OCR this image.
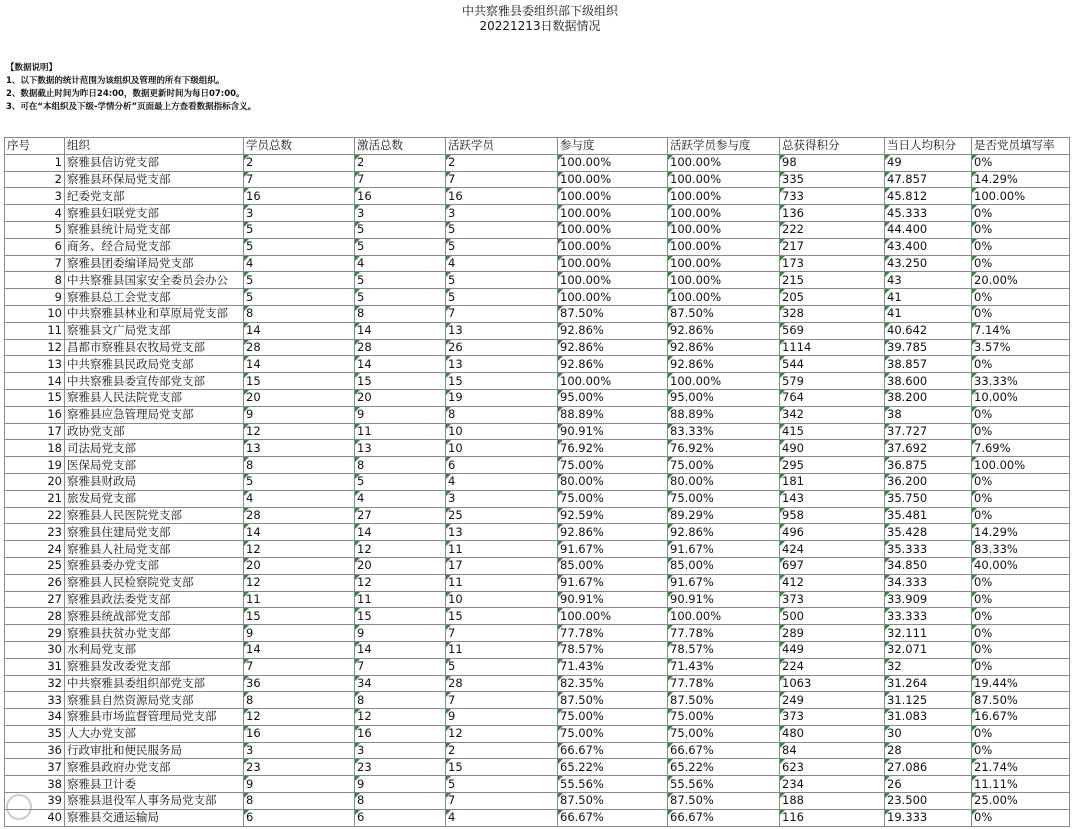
中共察雅县委组织部下级组织
20221213日数据情况
【数据说明】
1、以下数据的统计范围为该组织及管理的所有下级组织。
2、数据截止时间为昨日24:00，数据更新时间为每日07:00。
3、可在“本组织及下级-学情分析”页面最上方查看数据指标含义。
序号	组织	学员总数	激活总数	活跃学员	参与度	活跃学员参与度	总获得积分	当日人均积分	是否党员填写率
1	察雅县信访党支部	2	2	2	100.00%	100.00%	98	49	0%
2	察雅县环保局党支部	7	7	7	100.00%	100.00%	335	47.857	14.29%
3	纪委党支部	16	16	16	100.00%	100.00%	733	45.812	100.00%
4	察雅县妇联党支部	3	3	3	100.00%	100.00%	136	45.333	0%
5	察雅县统计局党支部	5	5	5	100.00%	100.00%	222	44.400	0%
6	商务、经合局党支部	5	5	5	100.00%	100.00%	217	43.400	0%
7	察雅县团委编译局党支部	4	4	4	100.00%	100.00%	173	43.250	0%
8	中共察雅县国家安全委员会办公	5	5	5	100.00%	100.00%	215	43	20.00%
9	察雅县总工会党支部	5	5	5	100.00%	100.00%	205	41	0%
10	中共察雅县林业和草原局党支部	8	8	7	87.50%	87.50%	328	41	0%
11	察雅县文广局党支部	14	14	13	92.86%	92.86%	569	40.642	7.14%
12	昌都市察雅县农牧局党支部	28	28	26	92.86%	92.86%	1114	39.785	3.57%
13	中共察雅县民政局党支部	14	14	13	92.86%	92.86%	544	38.857	0%
14	中共察雅县委宣传部党支部	15	15	15	100.00%	100.00%	579	38.600	33.33%
15	察雅县人民法院党支部	20	20	19	95.00%	95.00%	764	38.200	10.00%
16	察雅县应急管理局党支部	9	9	8	88.89%	88.89%	342	38	0%
17	政协党支部	12	11	10	90.91%	83.33%	415	37.727	0%
18	司法局党支部	13	13	10	76.92%	76.92%	490	37.692	7.69%
19	医保局党支部	8	8	6	75.00%	75.00%	295	36.875	100.00%
20	察雅县财政局	5	5	4	80.00%	80.00%	181	36.200	0%
21	旅发局党支部	4	4	3	75.00%	75.00%	143	35.750	0%
22	察雅县人民医院党支部	28	27	25	92.59%	89.29%	958	35.481	0%
23	察雅县住建局党支部	14	14	13	92.86%	92.86%	496	35.428	14.29%
24	察雅县人社局党支部	12	12	11	91.67%	91.67%	424	35.333	83.33%
25	察雅县委办党支部	20	20	17	85.00%	85.00%	697	34.850	40.00%
26	察雅县人民检察院党支部	12	12	11	91.67%	91.67%	412	34.333	0%
27	察雅县政法委党支部	11	11	10	90.91%	90.91%	373	33.909	0%
28	察雅县统战部党支部	15	15	15	100.00%	100.00%	500	33.333	0%
29	察雅县扶贫办党支部	9	9	7	77.78%	77.78%	289	32.111	0%
30	水利局党支部	14	14	11	78.57%	78.57%	449	32.071	0%
31	察雅县发改委党支部	7	7	5	71.43%	71.43%	224	32	0%
32	中共察雅县委组织部党支部	36	34	28	82.35%	77.78%	1063	31.264	19.44%
33	察雅县自然资源局党支部	8	8	7	87.50%	87.50%	249	31.125	87.50%
34	察雅县市场监督管理局党支部	12	12	9	75.00%	75.00%	373	31.083	16.67%
35	人大办党支部	16	16	12	75.00%	75.00%	480	30	0%
36	行政审批和便民服务局	3	3	2	66.67%	66.67%	84	28	0%
37	察雅县政府办党支部	23	23	15	65.22%	65.22%	623	27.086	21.74%
38	察雅县卫计委	9	9	5	55.56%	55.56%	234	26	11.11%
39	察雅县退役军人事务局党支部	8	8	7	87.50%	87.50%	188	23.500	25.00%
40	察雅县交通运输局	6	6	4	66.67%	66.67%	116	19.333	0%
